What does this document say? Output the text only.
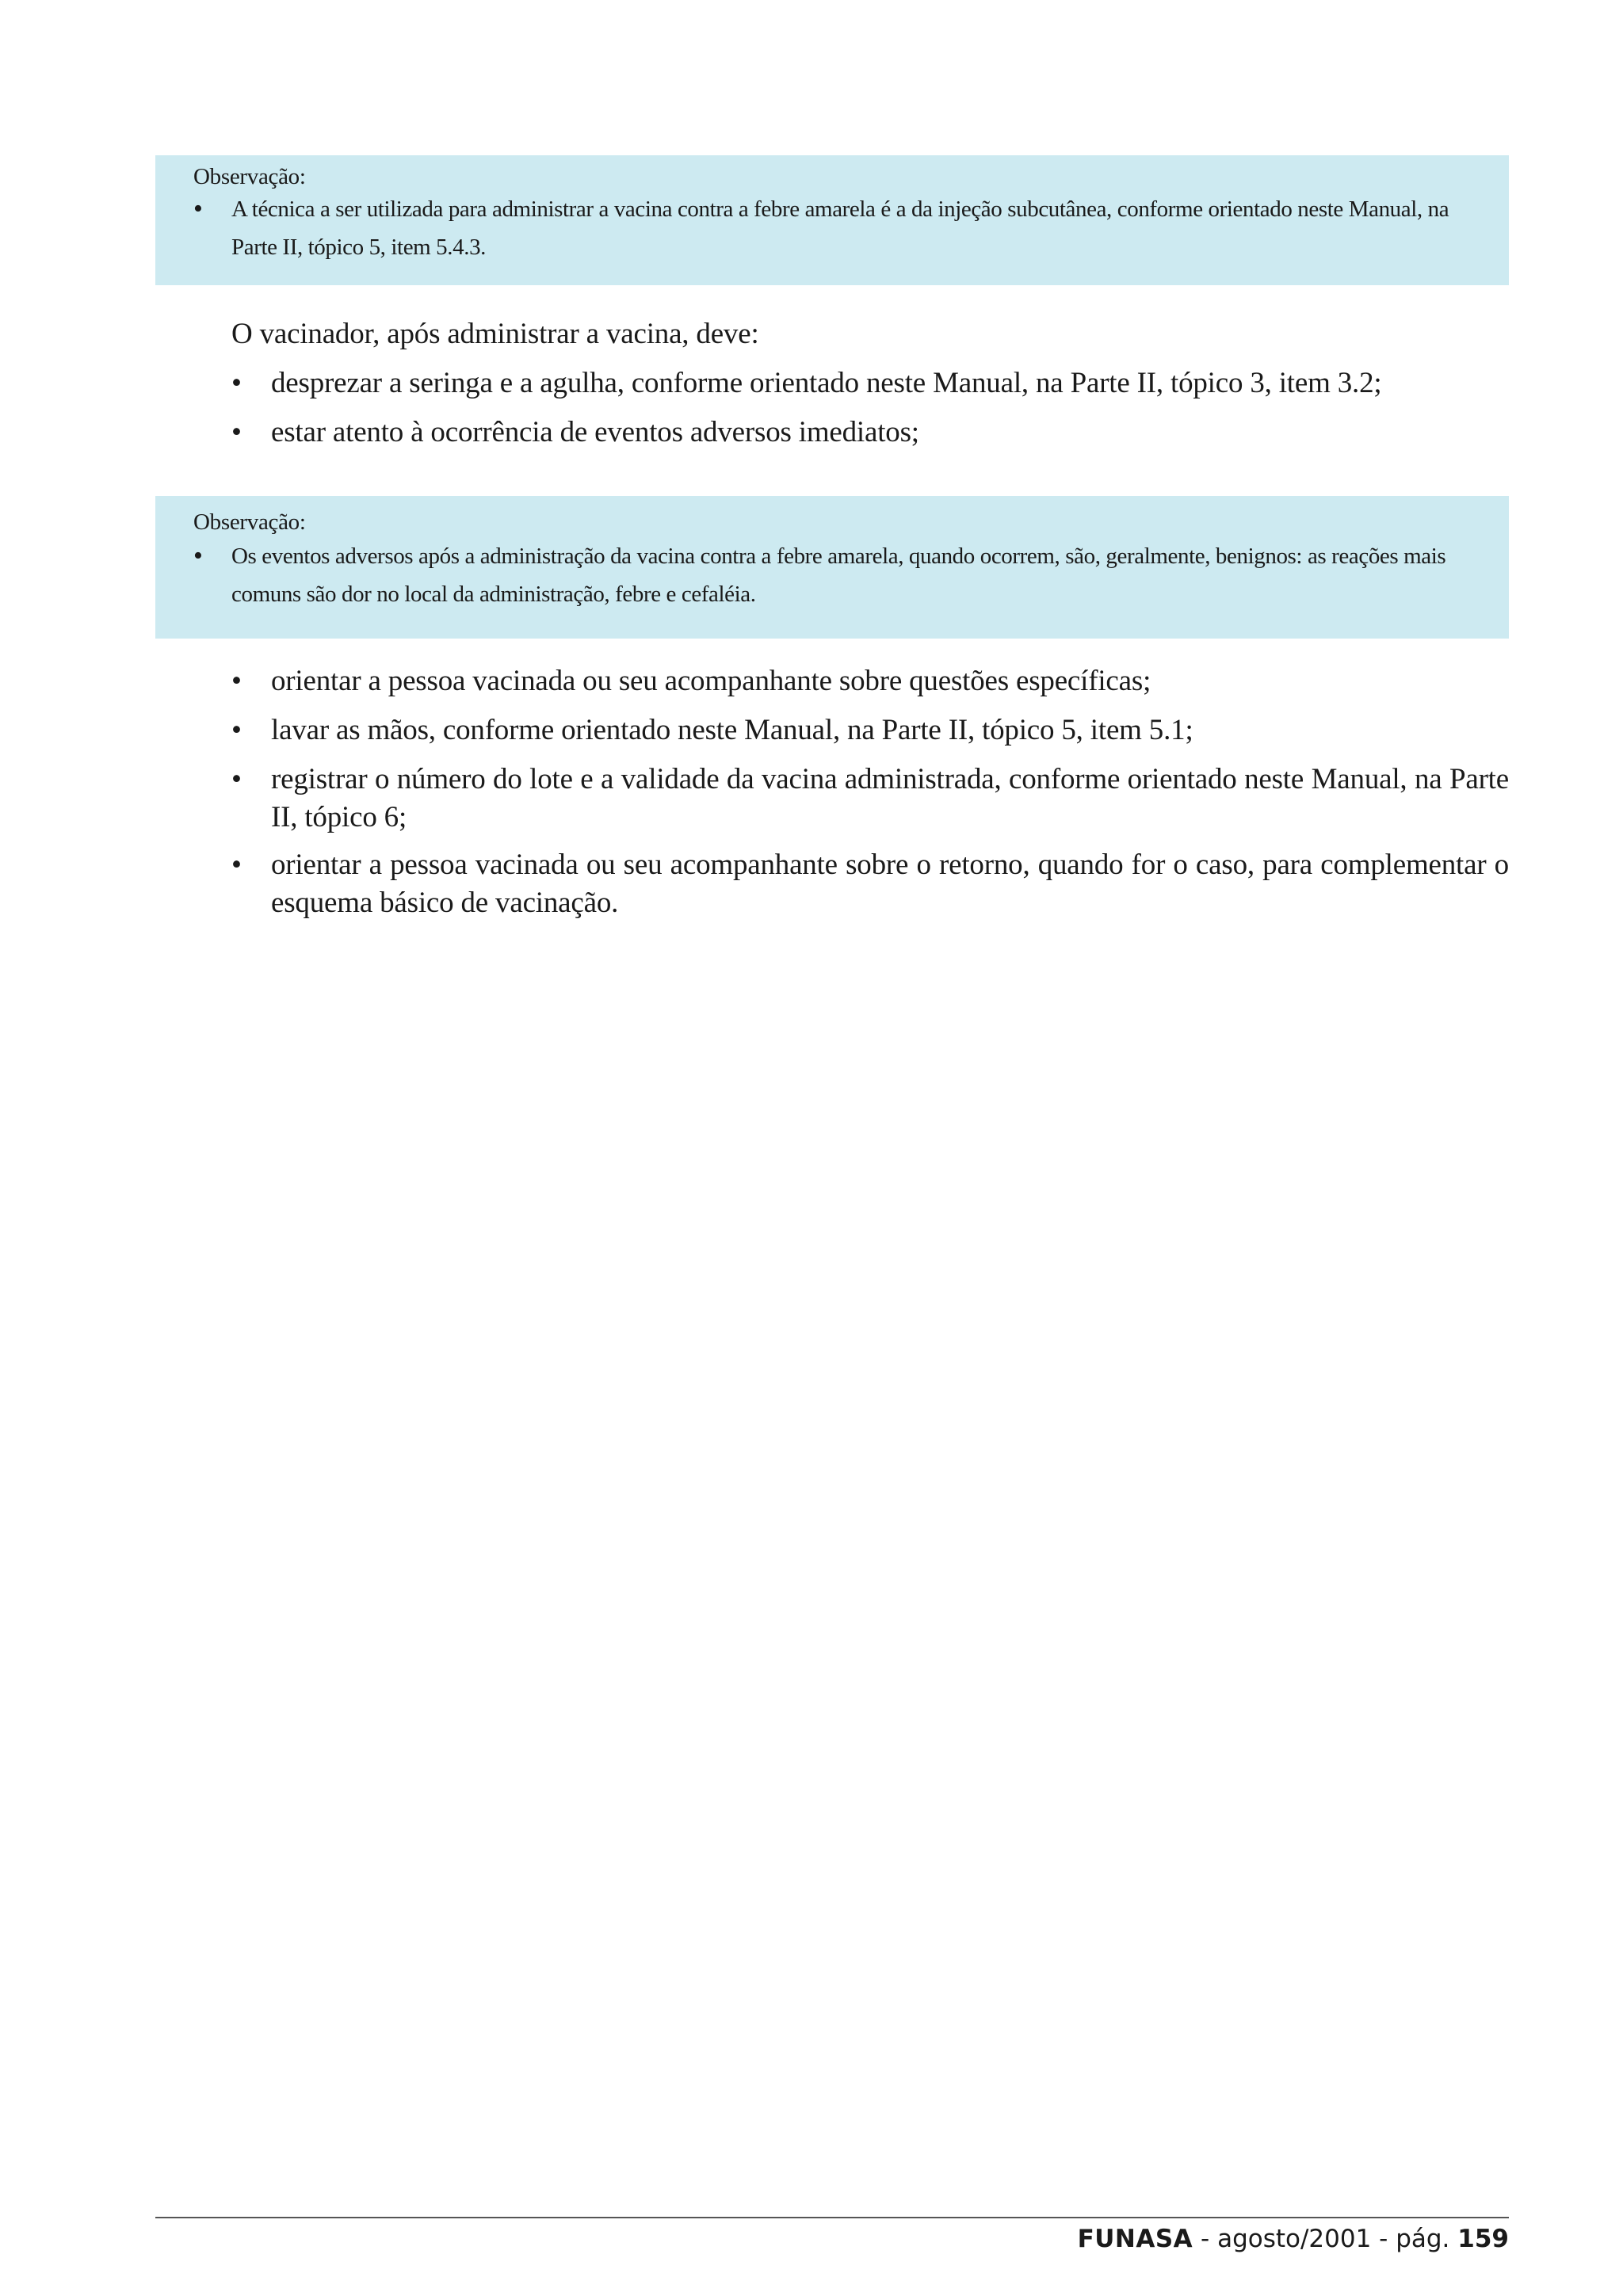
Observação:
• A técnica a ser utilizada para administrar a vacina contra a febre amarela é a da injeção subcutânea, conforme orientado neste Manual, na Parte II, tópico 5, item 5.4.3.
O vacinador, após administrar a vacina, deve:
• desprezar a seringa e a agulha, conforme orientado neste Manual, na Parte II, tópico 3, item 3.2;
• estar atento à ocorrência de eventos adversos imediatos;
Observação:
• Os eventos adversos após a administração da vacina contra a febre amarela, quando ocorrem, são, geralmente, benignos: as reações mais comuns são dor no local da administração, febre e cefaléia.
• orientar a pessoa vacinada ou seu acompanhante sobre questões específicas;
• lavar as mãos, conforme orientado neste Manual, na Parte II, tópico 5, item 5.1;
• registrar o número do lote e a validade da vacina administrada, conforme orientado neste Manual, na Parte II, tópico 6;
• orientar a pessoa vacinada ou seu acompanhante sobre o retorno, quando for o caso, para complementar o esquema básico de vacinação.
FUNASA - agosto/2001 - pág. 159
